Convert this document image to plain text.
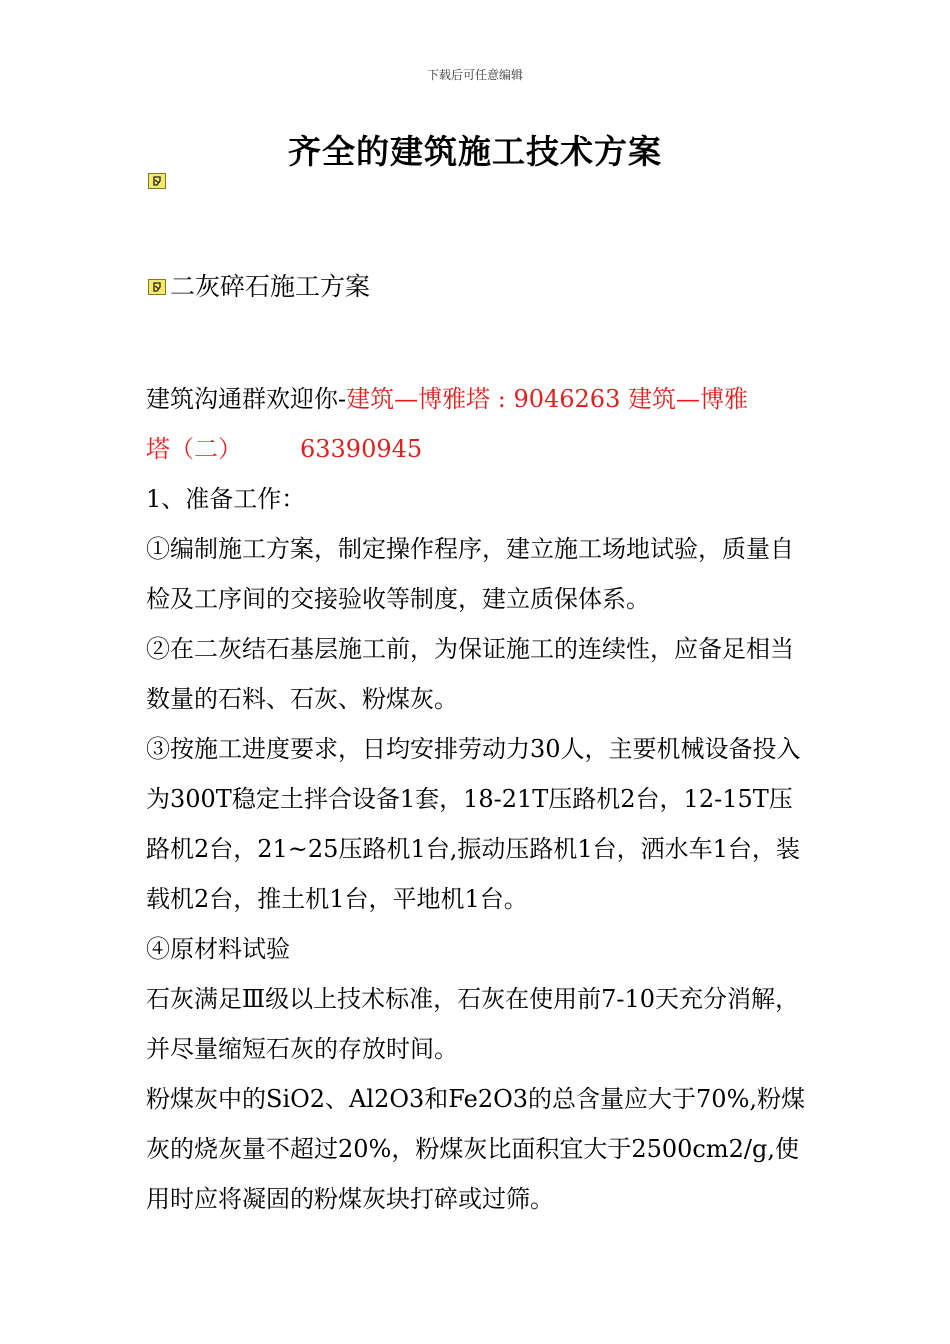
下载后可任意编辑
齐全的建筑施工技术方案
二灰碎石施工方案

建筑沟通群欢迎你-建筑—博雅塔 : 9046263 建筑—博雅

塔（二） 63390945

1、准备工作：

①编制施工方案，制定操作程序，建立施工场地试验，质量自检及工序间的交接验收等制度，建立质保体系。

②在二灰结石基层施工前，为保证施工的连续性，应备足相当数量的石料、石灰、粉煤灰。

③按施工进度要求，日均安排劳动力30人，主要机械设备投入为300T稳定土拌合设备1套，18-21T压路机2台，12-15T压路机2台，21~25压路机1台,振动压路机1台，洒水车1台，装载机2台，推土机1台，平地机1台。

④原材料试验

石灰满足Ⅲ级以上技术标准，石灰在使用前7-10天充分消解，并尽量缩短石灰的存放时间。

粉煤灰中的SiO2、Al2O3和Fe2O3的总含量应大于70%,粉煤灰的烧灰量不超过20%，粉煤灰比面积宜大于2500cm2/g,使用时应将凝固的粉煤灰块打碎或过筛。
